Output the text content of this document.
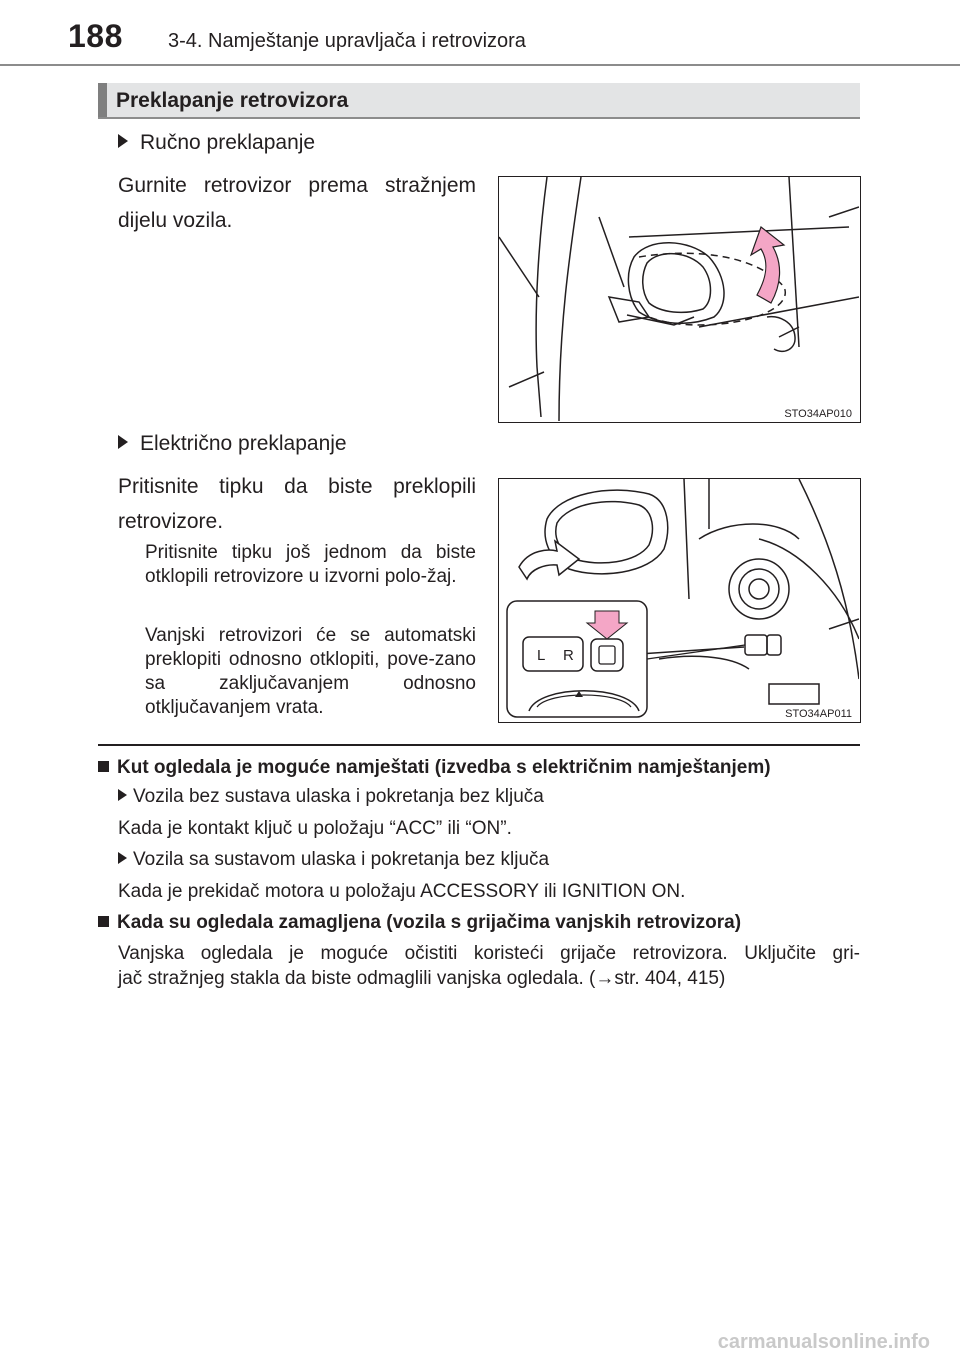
188 3-4. Namještanje upravljača i retrovizora
Preklapanje retrovizora
Ručno preklapanje
Gurnite retrovizor prema stražnjem dijelu vozila.
STO34AP010
Električno preklapanje
Pritisnite tipku da biste preklopili retrovizore.
Pritisnite tipku još jednom da biste otklopili retrovizore u izvorni polo-žaj.
Vanjski retrovizori će se automatski preklopiti odnosno otklopiti, pove-zano sa zaključavanjem odnosno otključavanjem vrata.
L R
STO34AP011
Kut ogledala je moguće namještati (izvedba s električnim namještanjem)
Vozila bez sustava ulaska i pokretanja bez ključa
Kada je kontakt ključ u položaju “ACC” ili “ON”.
Vozila sa sustavom ulaska i pokretanja bez ključa
Kada je prekidač motora u položaju ACCESSORY ili IGNITION ON.
Kada su ogledala zamagljena (vozila s grijačima vanjskih retrovizora)
Vanjska ogledala je moguće očistiti koristeći grijače retrovizora. Uključite gri-
jač stražnjeg stakla da biste odmaglili vanjska ogledala. (→str. 404, 415)
carmanualsonline.info
